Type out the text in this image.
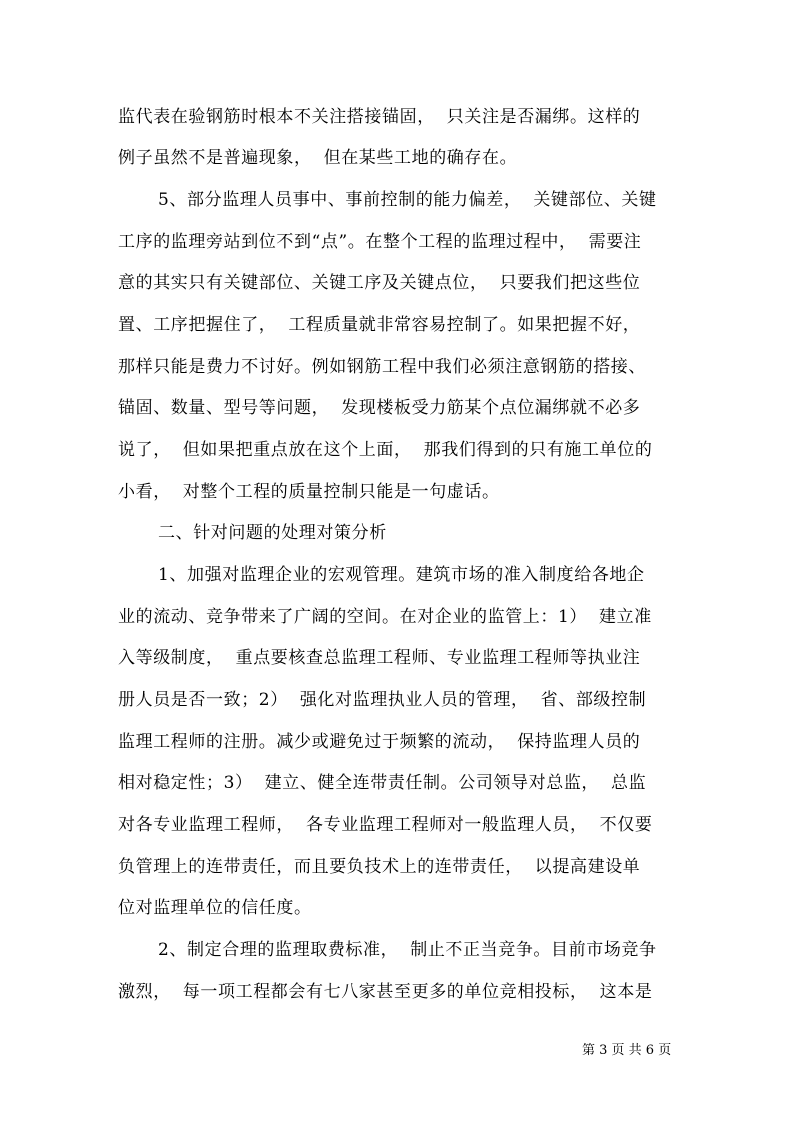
监代表在验钢筋时根本不关注搭接锚固，  只关注是否漏绑。这样的
例子虽然不是普遍现象，  但在某些工地的确存在。
5、部分监理人员事中、事前控制的能力偏差，  关键部位、关键
工序的监理旁站到位不到“点”。在整个工程的监理过程中，  需要注
意的其实只有关键部位、关键工序及关键点位，  只要我们把这些位
置、工序把握住了，  工程质量就非常容易控制了。如果把握不好，
那样只能是费力不讨好。例如钢筋工程中我们必须注意钢筋的搭接、
锚固、数量、型号等问题，  发现楼板受力筋某个点位漏绑就不必多
说了，  但如果把重点放在这个上面，  那我们得到的只有施工单位的
小看，  对整个工程的质量控制只能是一句虚话。
二、针对问题的处理对策分析
1、加强对监理企业的宏观管理。建筑市场的准入制度给各地企
业的流动、竞争带来了广阔的空间。在对企业的监管上：1）  建立准
入等级制度，  重点要核查总监理工程师、专业监理工程师等执业注
册人员是否一致；2）  强化对监理执业人员的管理，  省、部级控制
监理工程师的注册。减少或避免过于频繁的流动，  保持监理人员的
相对稳定性；3）  建立、健全连带责任制。公司领导对总监，  总监
对各专业监理工程师，  各专业监理工程师对一般监理人员，  不仅要
负管理上的连带责任，而且要负技术上的连带责任，  以提高建设单
位对监理单位的信任度。
2、制定合理的监理取费标准，  制止不正当竞争。目前市场竞争
激烈，  每一项工程都会有七八家甚至更多的单位竞相投标，  这本是
第 3 页 共 6 页
